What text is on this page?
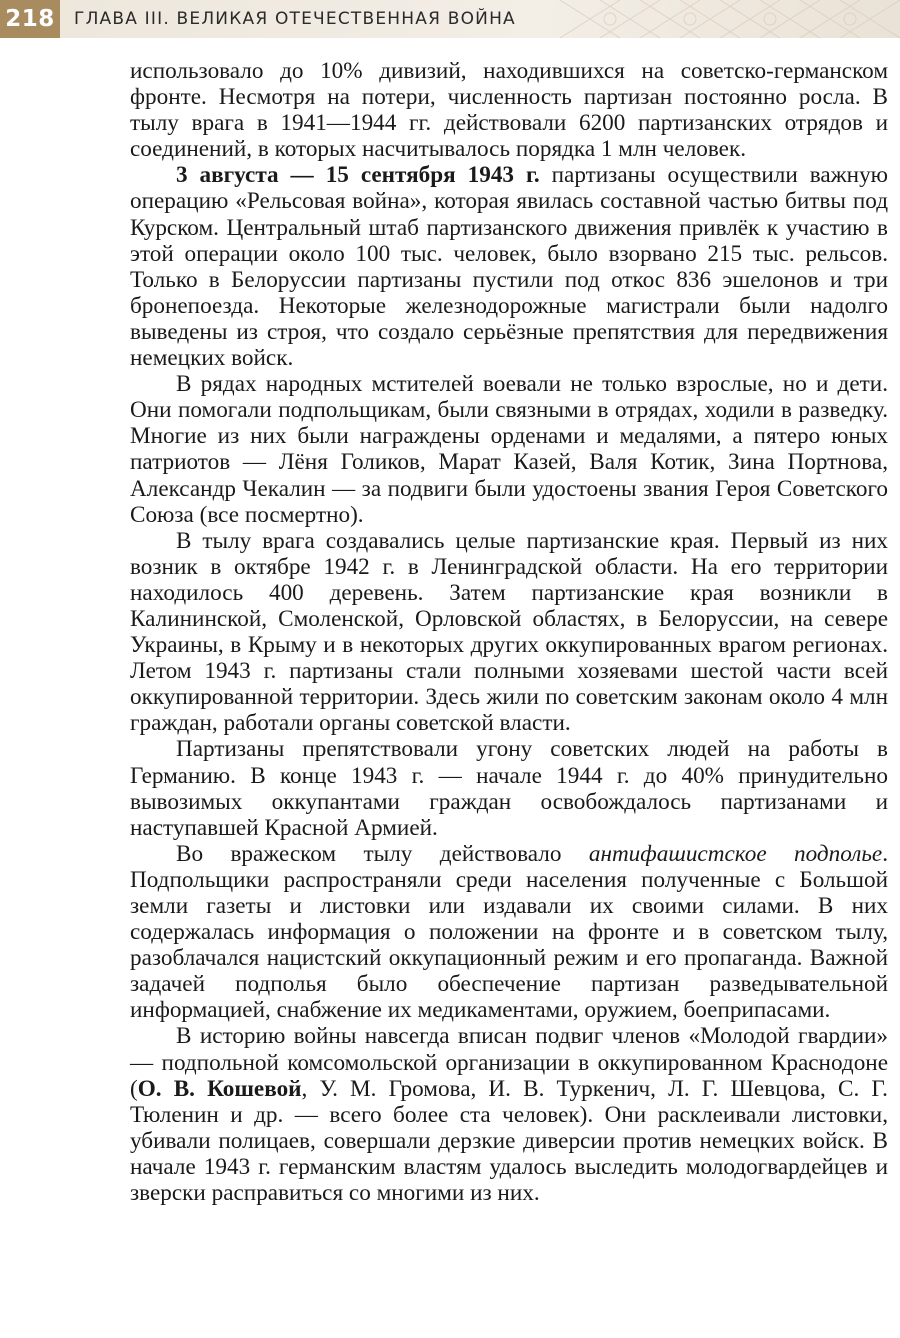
218	ГЛАВА III. ВЕЛИКАЯ ОТЕЧЕСТВЕННАЯ ВОЙНА

использовало до 10% дивизий, находившихся на советско-германском фронте. Несмотря на потери, численность партизан постоянно росла. В тылу врага в 1941—1944 гг. действовали 6200 партизанских отрядов и соединений, в которых насчитывалось порядка 1 млн человек.

3 августа — 15 сентября 1943 г. партизаны осуществили важную операцию «Рельсовая война», которая явилась составной частью битвы под Курском. Центральный штаб партизанского движения привлёк к участию в этой операции около 100 тыс. человек, было взорвано 215 тыс. рельсов. Только в Белоруссии партизаны пустили под откос 836 эшелонов и три бронепоезда. Некоторые железнодорожные магистрали были надолго выведены из строя, что создало серьёзные препятствия для передвижения немецких войск.

В рядах народных мстителей воевали не только взрослые, но и дети. Они помогали подпольщикам, были связными в отрядах, ходили в разведку. Многие из них были награждены орденами и медалями, а пятеро юных патриотов — Лёня Голиков, Марат Казей, Валя Котик, Зина Портнова, Александр Чекалин — за подвиги были удостоены звания Героя Советского Союза (все посмертно).

В тылу врага создавались целые партизанские края. Первый из них возник в октябре 1942 г. в Ленинградской области. На его территории находилось 400 деревень. Затем партизанские края возникли в Калининской, Смоленской, Орловской областях, в Белоруссии, на севере Украины, в Крыму и в некоторых других оккупированных врагом регионах. Летом 1943 г. партизаны стали полными хозяевами шестой части всей оккупированной территории. Здесь жили по советским законам около 4 млн граждан, работали органы советской власти.

Партизаны препятствовали угону советских людей на работы в Германию. В конце 1943 г. — начале 1944 г. до 40% принудительно вывозимых оккупантами граждан освобождалось партизанами и наступавшей Красной Армией.

Во вражеском тылу действовало антифашистское подполье. Подпольщики распространяли среди населения полученные с Большой земли газеты и листовки или издавали их своими силами. В них содержалась информация о положении на фронте и в советском тылу, разоблачался нацистский оккупационный режим и его пропаганда. Важной задачей подполья было обеспечение партизан разведывательной информацией, снабжение их медикаментами, оружием, боеприпасами.

В историю войны навсегда вписан подвиг членов «Молодой гвардии» — подпольной комсомольской организации в оккупированном Краснодоне (О. В. Кошевой, У. М. Громова, И. В. Туркенич, Л. Г. Шевцова, С. Г. Тюленин и др. — всего более ста человек). Они расклеивали листовки, убивали полицаев, совершали дерзкие диверсии против немецких войск. В начале 1943 г. германским властям удалось выследить молодогвардейцев и зверски расправиться со многими из них.
